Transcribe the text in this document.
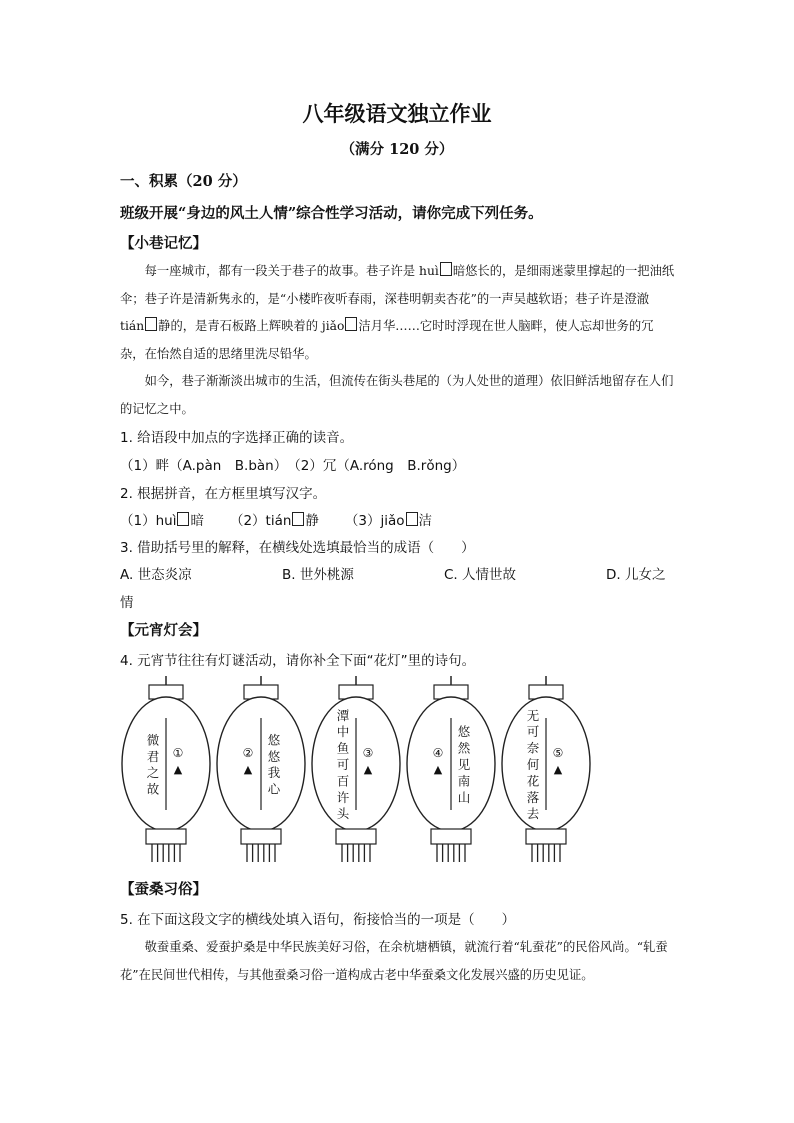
八年级语文独立作业
（满分 120 分）
一、积累（20 分）
班级开展“身边的风土人情”综合性学习活动，请你完成下列任务。
【小巷记忆】
每一座城市，都有一段关于巷子的故事。巷子许是 huì 暗悠长的，是细雨迷蒙里撑起的一把油纸伞；巷子许是清新隽永的，是“小楼昨夜听春雨，深巷明朝卖杏花”的一声吴越软语；巷子许是澄澈 tián 静的，是青石板路上辉映着的 jiǎo 洁月华……它时时浮现在世人脑畔，使人忘却世务的冗杂，在怡然自适的思绪里洗尽铅华。
如今，巷子渐渐淡出城市的生活，但流传在街头巷尾的（为人处世的道理）依旧鲜活地留存在人们的记忆之中。
1. 给语段中加点的字选择正确的读音。
（1）畔（A.pàn　B.bàn）　（2）冗（A.róng　B.rǒng）
2. 根据拼音，在方框里填写汉字。
（1）huì 暗 （2）tián 静 （3）jiǎo 洁
3. 借助括号里的解释，在横线处选填最恰当的成语（　　）
A. 世态炎凉	B. 世外桃源	C. 人情世故	D. 儿女之
情
【元宵灯会】
4. 元宵节往往有灯谜活动，请你补全下面“花灯”里的诗句。
微君之故
①
▲
悠悠我心
②
▲
潭中鱼可百许头
③
▲
悠然见南山
④
▲
无可奈何花落去
⑤
▲
【蚕桑习俗】
5. 在下面这段文字的横线处填入语句，衔接恰当的一项是（　　）
敬蚕重桑、爱蚕护桑是中华民族美好习俗，在余杭塘栖镇，就流行着“轧蚕花”的民俗风尚。“轧蚕花”在民间世代相传，与其他蚕桑习俗一道构成古老中华蚕桑文化发展兴盛的历史见证。
